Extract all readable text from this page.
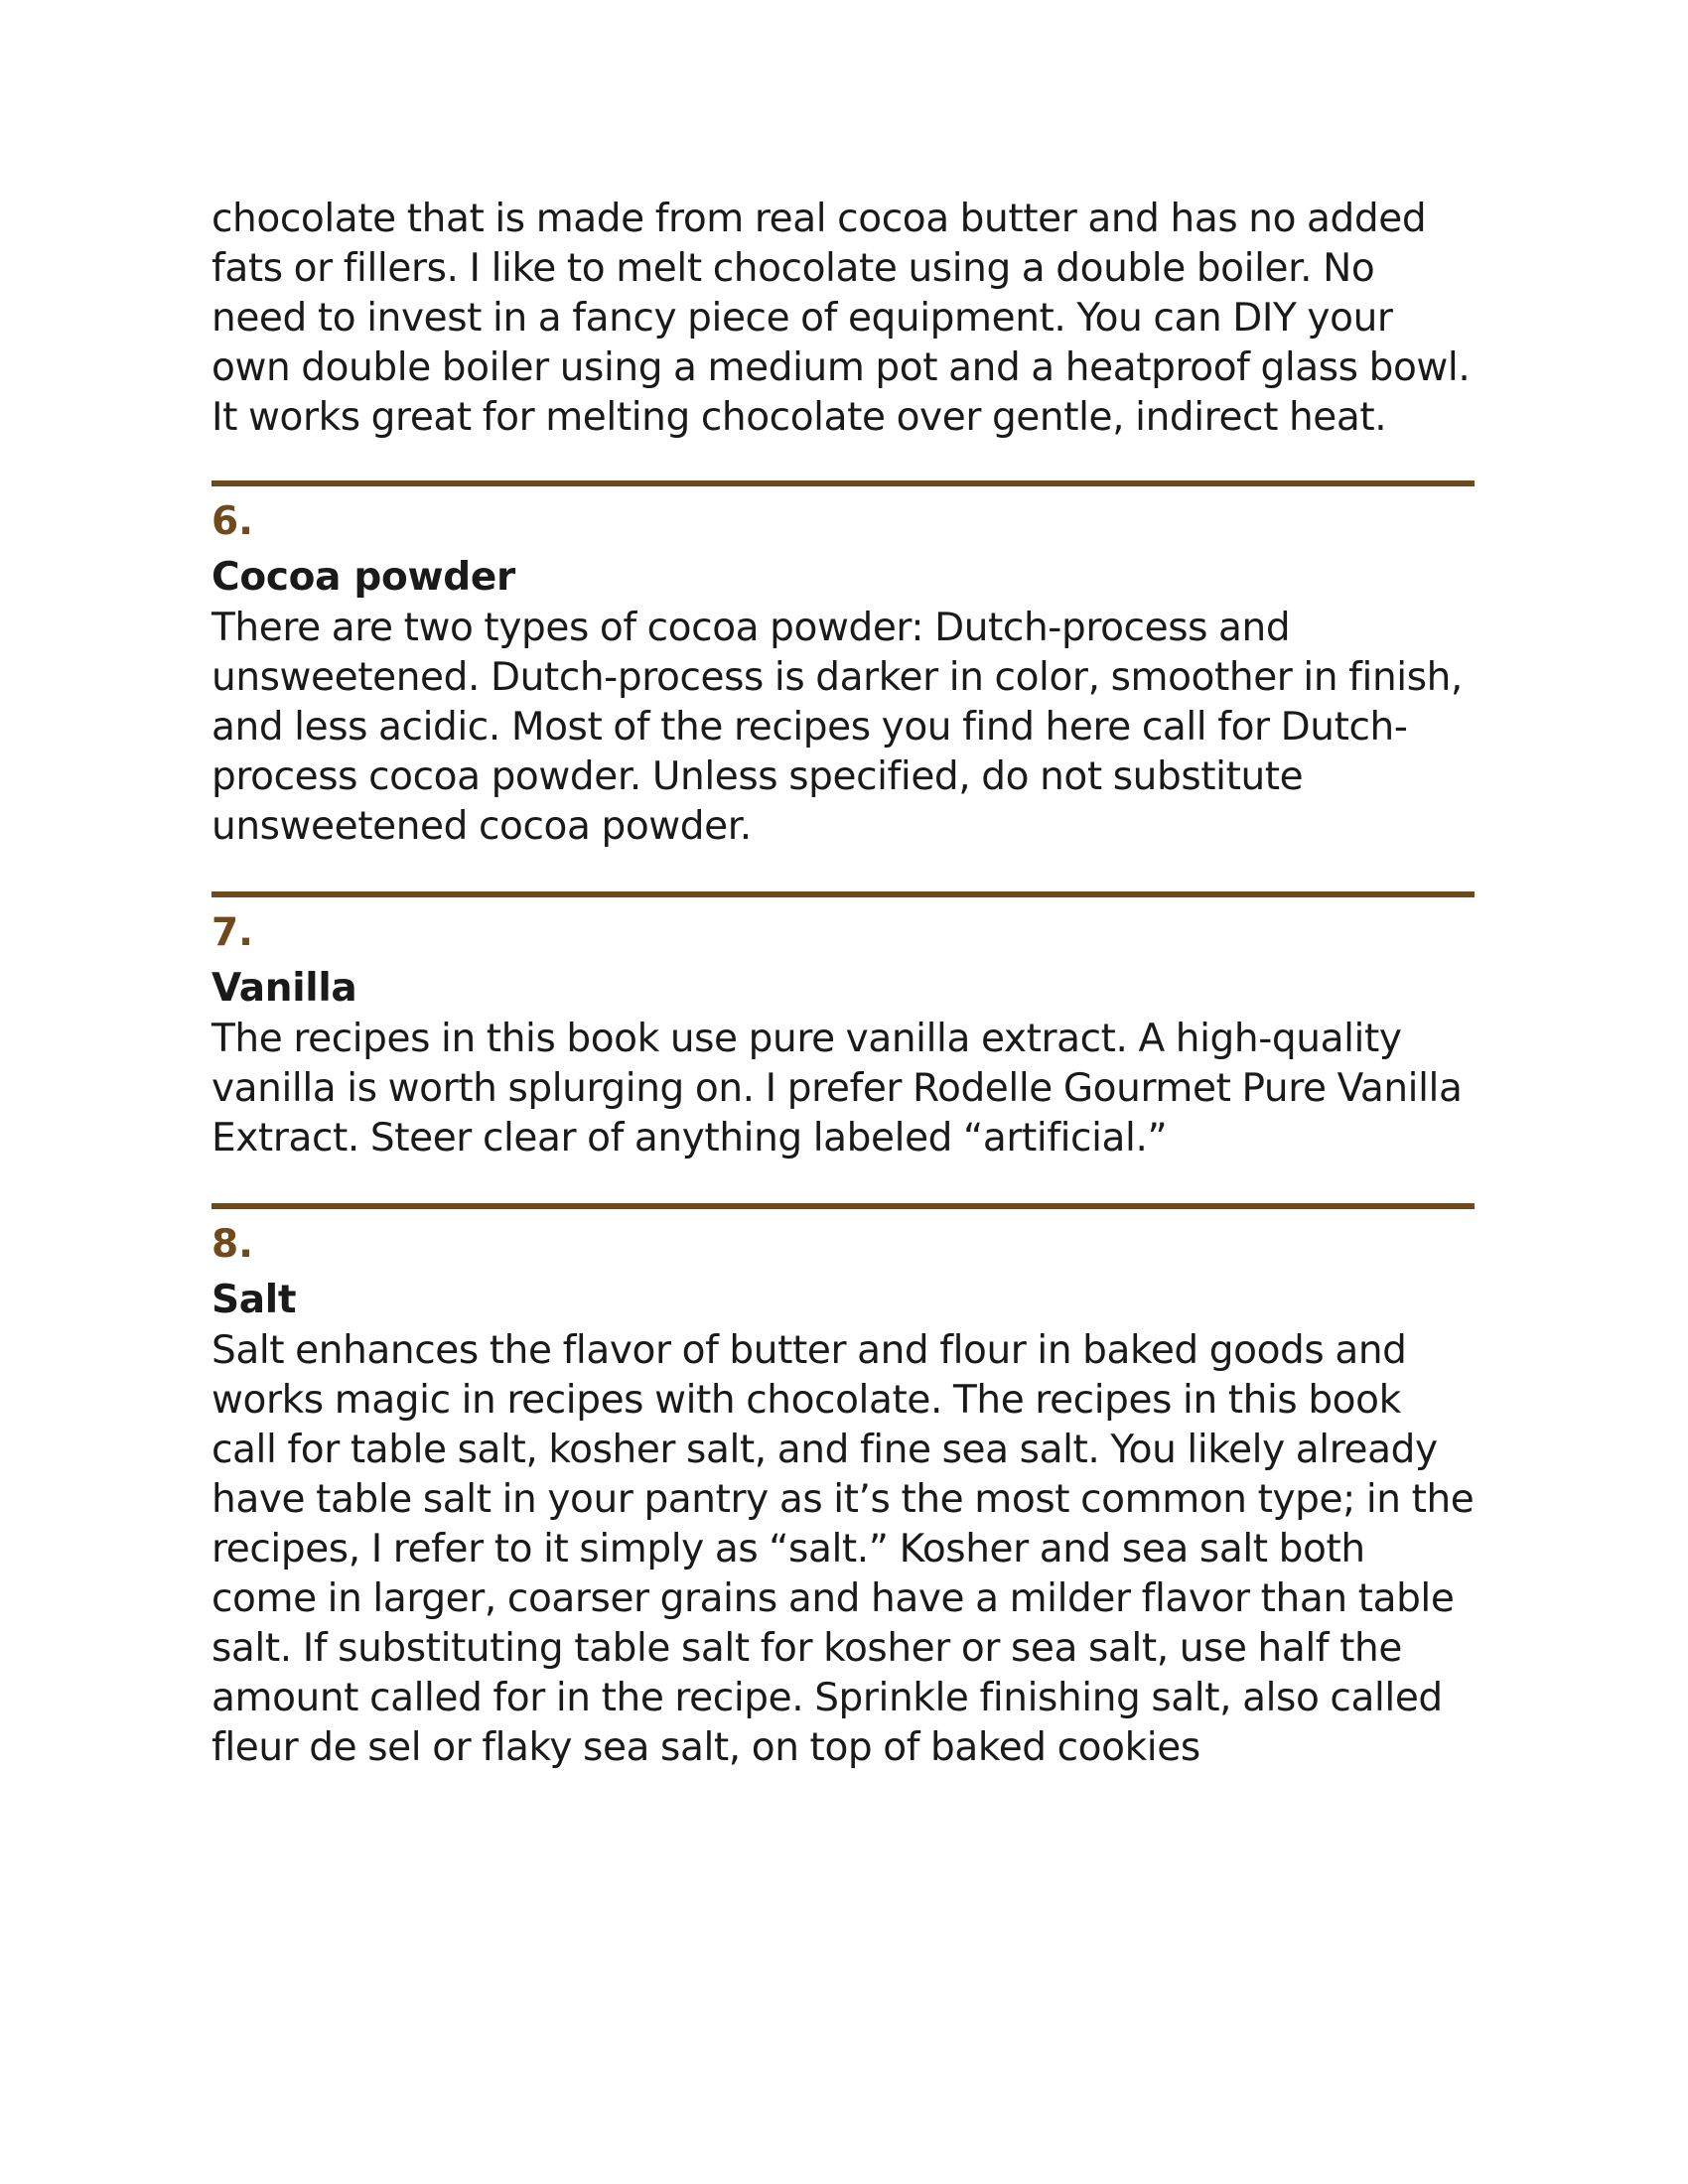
chocolate that is made from real cocoa butter and has no added fats or fillers. I like to melt chocolate using a double boiler. No need to invest in a fancy piece of equipment. You can DIY your own double boiler using a medium pot and a heatproof glass bowl. It works great for melting chocolate over gentle, indirect heat.

6.
Cocoa powder

There are two types of cocoa powder: Dutch-process and unsweetened. Dutch-process is darker in color, smoother in finish, and less acidic. Most of the recipes you find here call for Dutch-process cocoa powder. Unless specified, do not substitute unsweetened cocoa powder.

7.
Vanilla

The recipes in this book use pure vanilla extract. A high-quality vanilla is worth splurging on. I prefer Rodelle Gourmet Pure Vanilla Extract. Steer clear of anything labeled “artificial.”

8.
Salt

Salt enhances the flavor of butter and flour in baked goods and works magic in recipes with chocolate. The recipes in this book call for table salt, kosher salt, and fine sea salt. You likely already have table salt in your pantry as it’s the most common type; in the recipes, I refer to it simply as “salt.” Kosher and sea salt both come in larger, coarser grains and have a milder flavor than table salt. If substituting table salt for kosher or sea salt, use half the amount called for in the recipe. Sprinkle finishing salt, also called fleur de sel or flaky sea salt, on top of baked cookies
